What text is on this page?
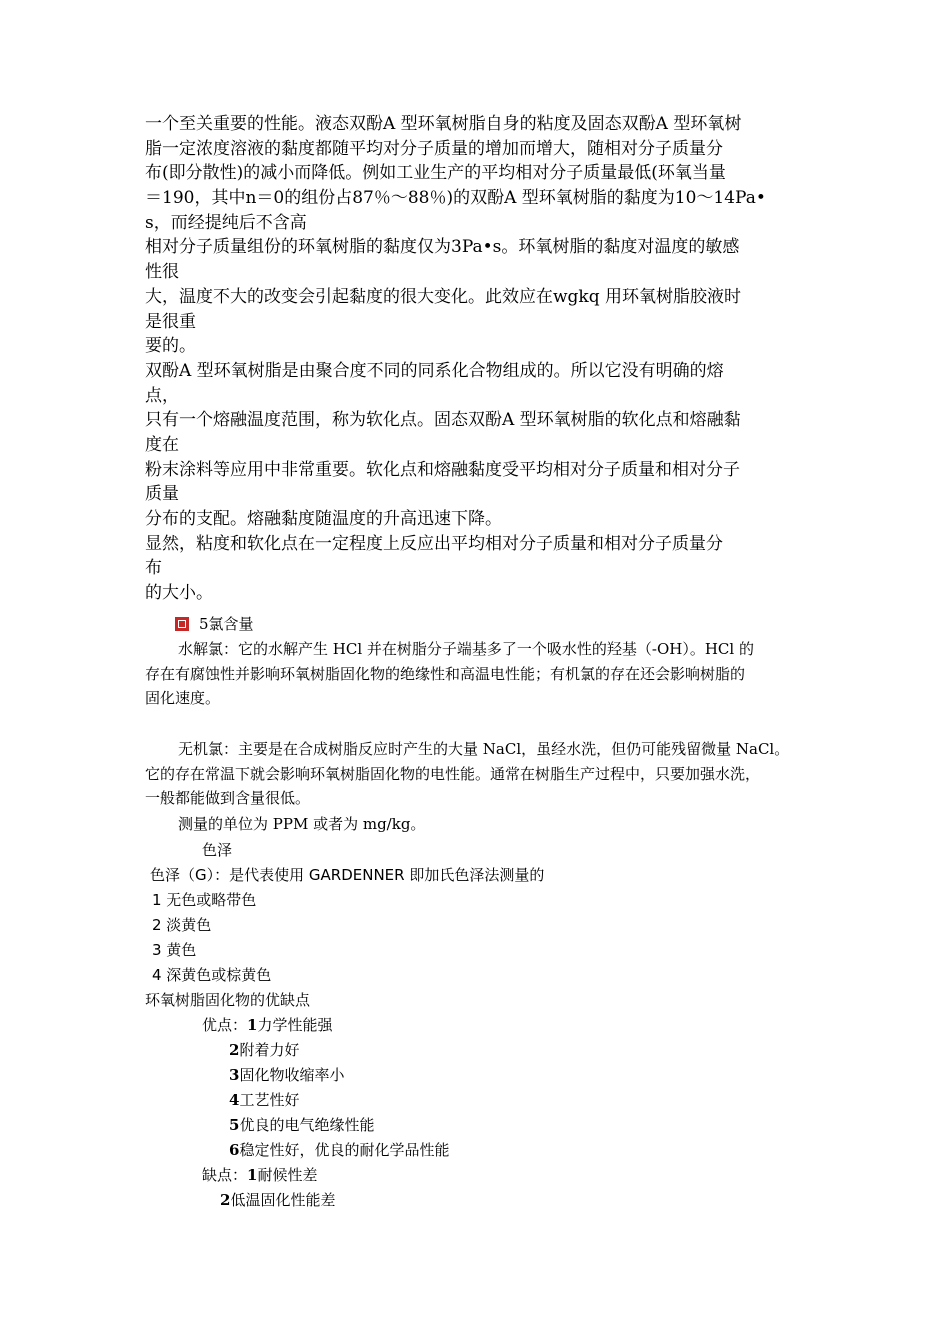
一个至关重要的性能。液态双酚A 型环氧树脂自身的粘度及固态双酚A 型环氧树
脂一定浓度溶液的黏度都随平均对分子质量的增加而增大，随相对分子质量分
布(即分散性)的减小而降低。例如工业生产的平均相对分子质量最低(环氧当量
＝190，其中n＝0的组份占87％～88％)的双酚A 型环氧树脂的黏度为10～14Pa•
s，而经提纯后不含高
相对分子质量组份的环氧树脂的黏度仅为3Pa•s。环氧树脂的黏度对温度的敏感
性很
大，温度不大的改变会引起黏度的很大变化。此效应在wgkq 用环氧树脂胶液时
是很重
要的。
双酚A 型环氧树脂是由聚合度不同的同系化合物组成的。所以它没有明确的熔
点，
只有一个熔融温度范围，称为软化点。固态双酚A 型环氧树脂的软化点和熔融黏
度在
粉末涂料等应用中非常重要。软化点和熔融黏度受平均相对分子质量和相对分子
质量
分布的支配。熔融黏度随温度的升高迅速下降。
显然，粘度和软化点在一定程度上反应出平均相对分子质量和相对分子质量分
布
的大小。
5氯含量
水解氯：它的水解产生 HCl 并在树脂分子端基多了一个吸水性的羟基（-OH）。HCl 的
存在有腐蚀性并影响环氧树脂固化物的绝缘性和高温电性能；有机氯的存在还会影响树脂的
固化速度。
无机氯：主要是在合成树脂反应时产生的大量 NaCl，虽经水洗，但仍可能残留微量 NaCl。
它的存在常温下就会影响环氧树脂固化物的电性能。通常在树脂生产过程中，只要加强水洗，
一般都能做到含量很低。
测量的单位为 PPM 或者为 mg/kg。
色泽
色泽（G）：是代表使用 GARDENNER 即加氏色泽法测量的
1 无色或略带色
2 淡黄色
3 黄色
4 深黄色或棕黄色
环氧树脂固化物的优缺点
优点：1力学性能强
2附着力好
3固化物收缩率小
4工艺性好
5优良的电气绝缘性能
6稳定性好，优良的耐化学品性能
缺点：1耐候性差
2低温固化性能差
